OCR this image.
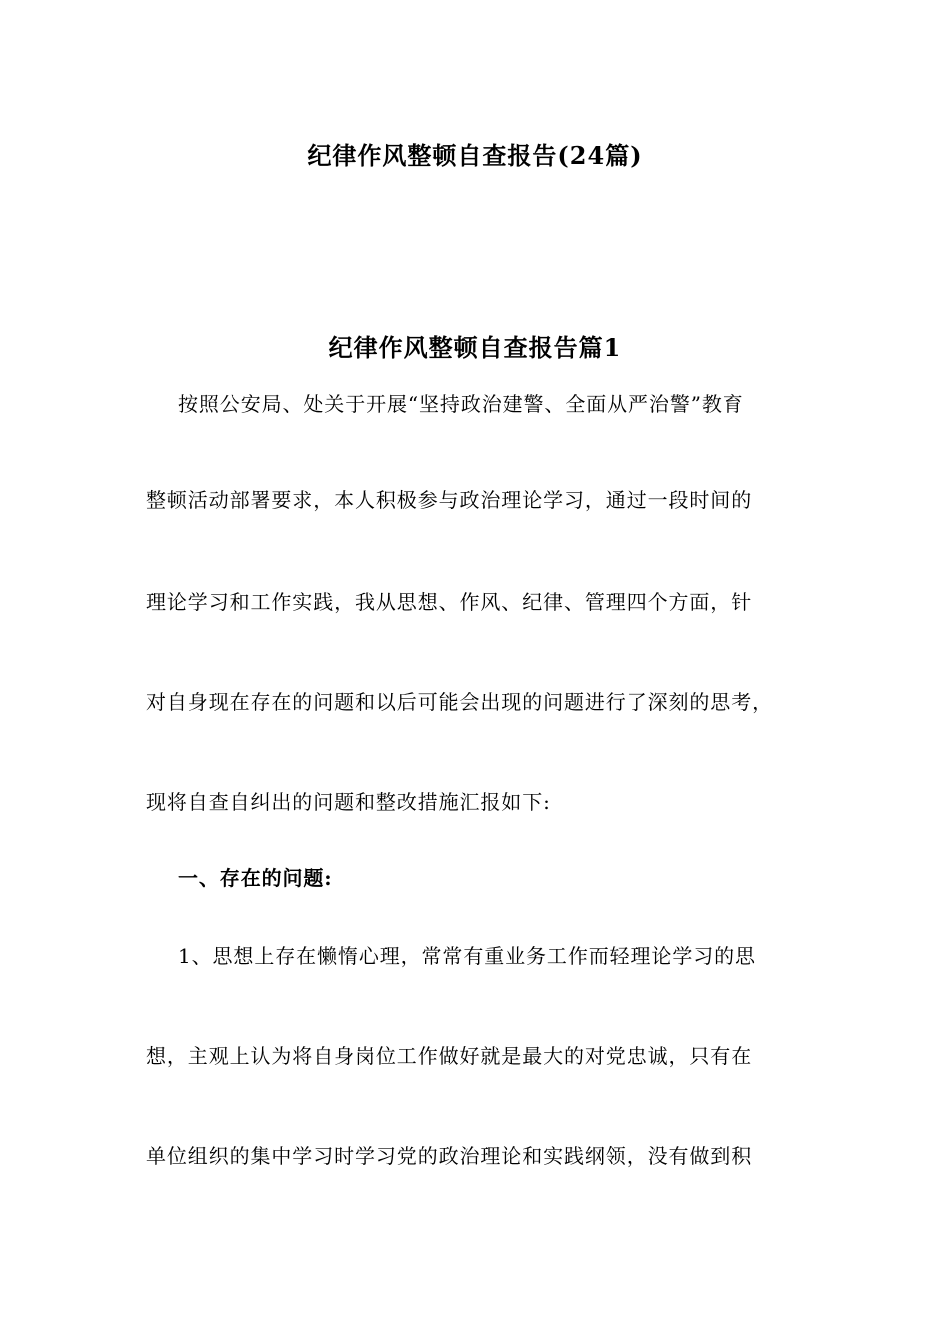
纪律作风整顿自查报告(24篇)
纪律作风整顿自查报告篇1

按照公安局、处关于开展“坚持政治建警、全面从严治警”教育

整顿活动部署要求，本人积极参与政治理论学习，通过一段时间的

理论学习和工作实践，我从思想、作风、纪律、管理四个方面，针

对自身现在存在的问题和以后可能会出现的问题进行了深刻的思考，

现将自查自纠出的问题和整改措施汇报如下:

一、存在的问题:

1、思想上存在懒惰心理，常常有重业务工作而轻理论学习的思

想，主观上认为将自身岗位工作做好就是最大的对党忠诚，只有在

单位组织的集中学习时学习党的政治理论和实践纲领，没有做到积
